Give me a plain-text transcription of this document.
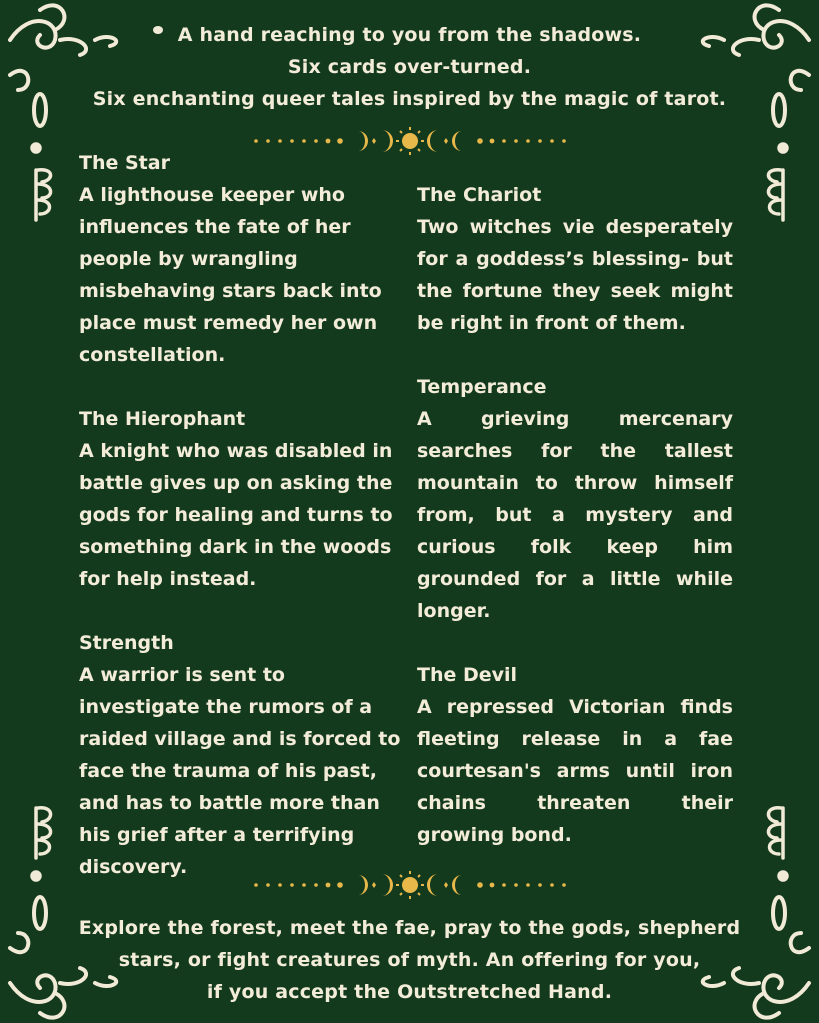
A hand reaching to you from the shadows.
Six cards over-turned.
Six enchanting queer tales inspired by the magic of tarot.
The Star
A lighthouse keeper who influences the fate of her people by wrangling misbehaving stars back into place must remedy her own constellation.
The Hierophant
A knight who was disabled in battle gives up on asking the gods for healing and turns to something dark in the woods for help instead.
Strength
A warrior is sent to investigate the rumors of a raided village and is forced to face the trauma of his past, and has to battle more than his grief after a terrifying discovery.
The Chariot
Two witches vie desperately for a goddess’s blessing- but the fortune they seek might be right in front of them.
Temperance
A grieving mercenary searches for the tallest mountain to throw himself from, but a mystery and curious folk keep him grounded for a little while longer.
The Devil
A repressed Victorian finds fleeting release in a fae courtesan's arms until iron chains threaten their growing bond.
Explore the forest, meet the fae, pray to the gods, shepherd
stars, or fight creatures of myth. An offering for you,
if you accept the Outstretched Hand.
